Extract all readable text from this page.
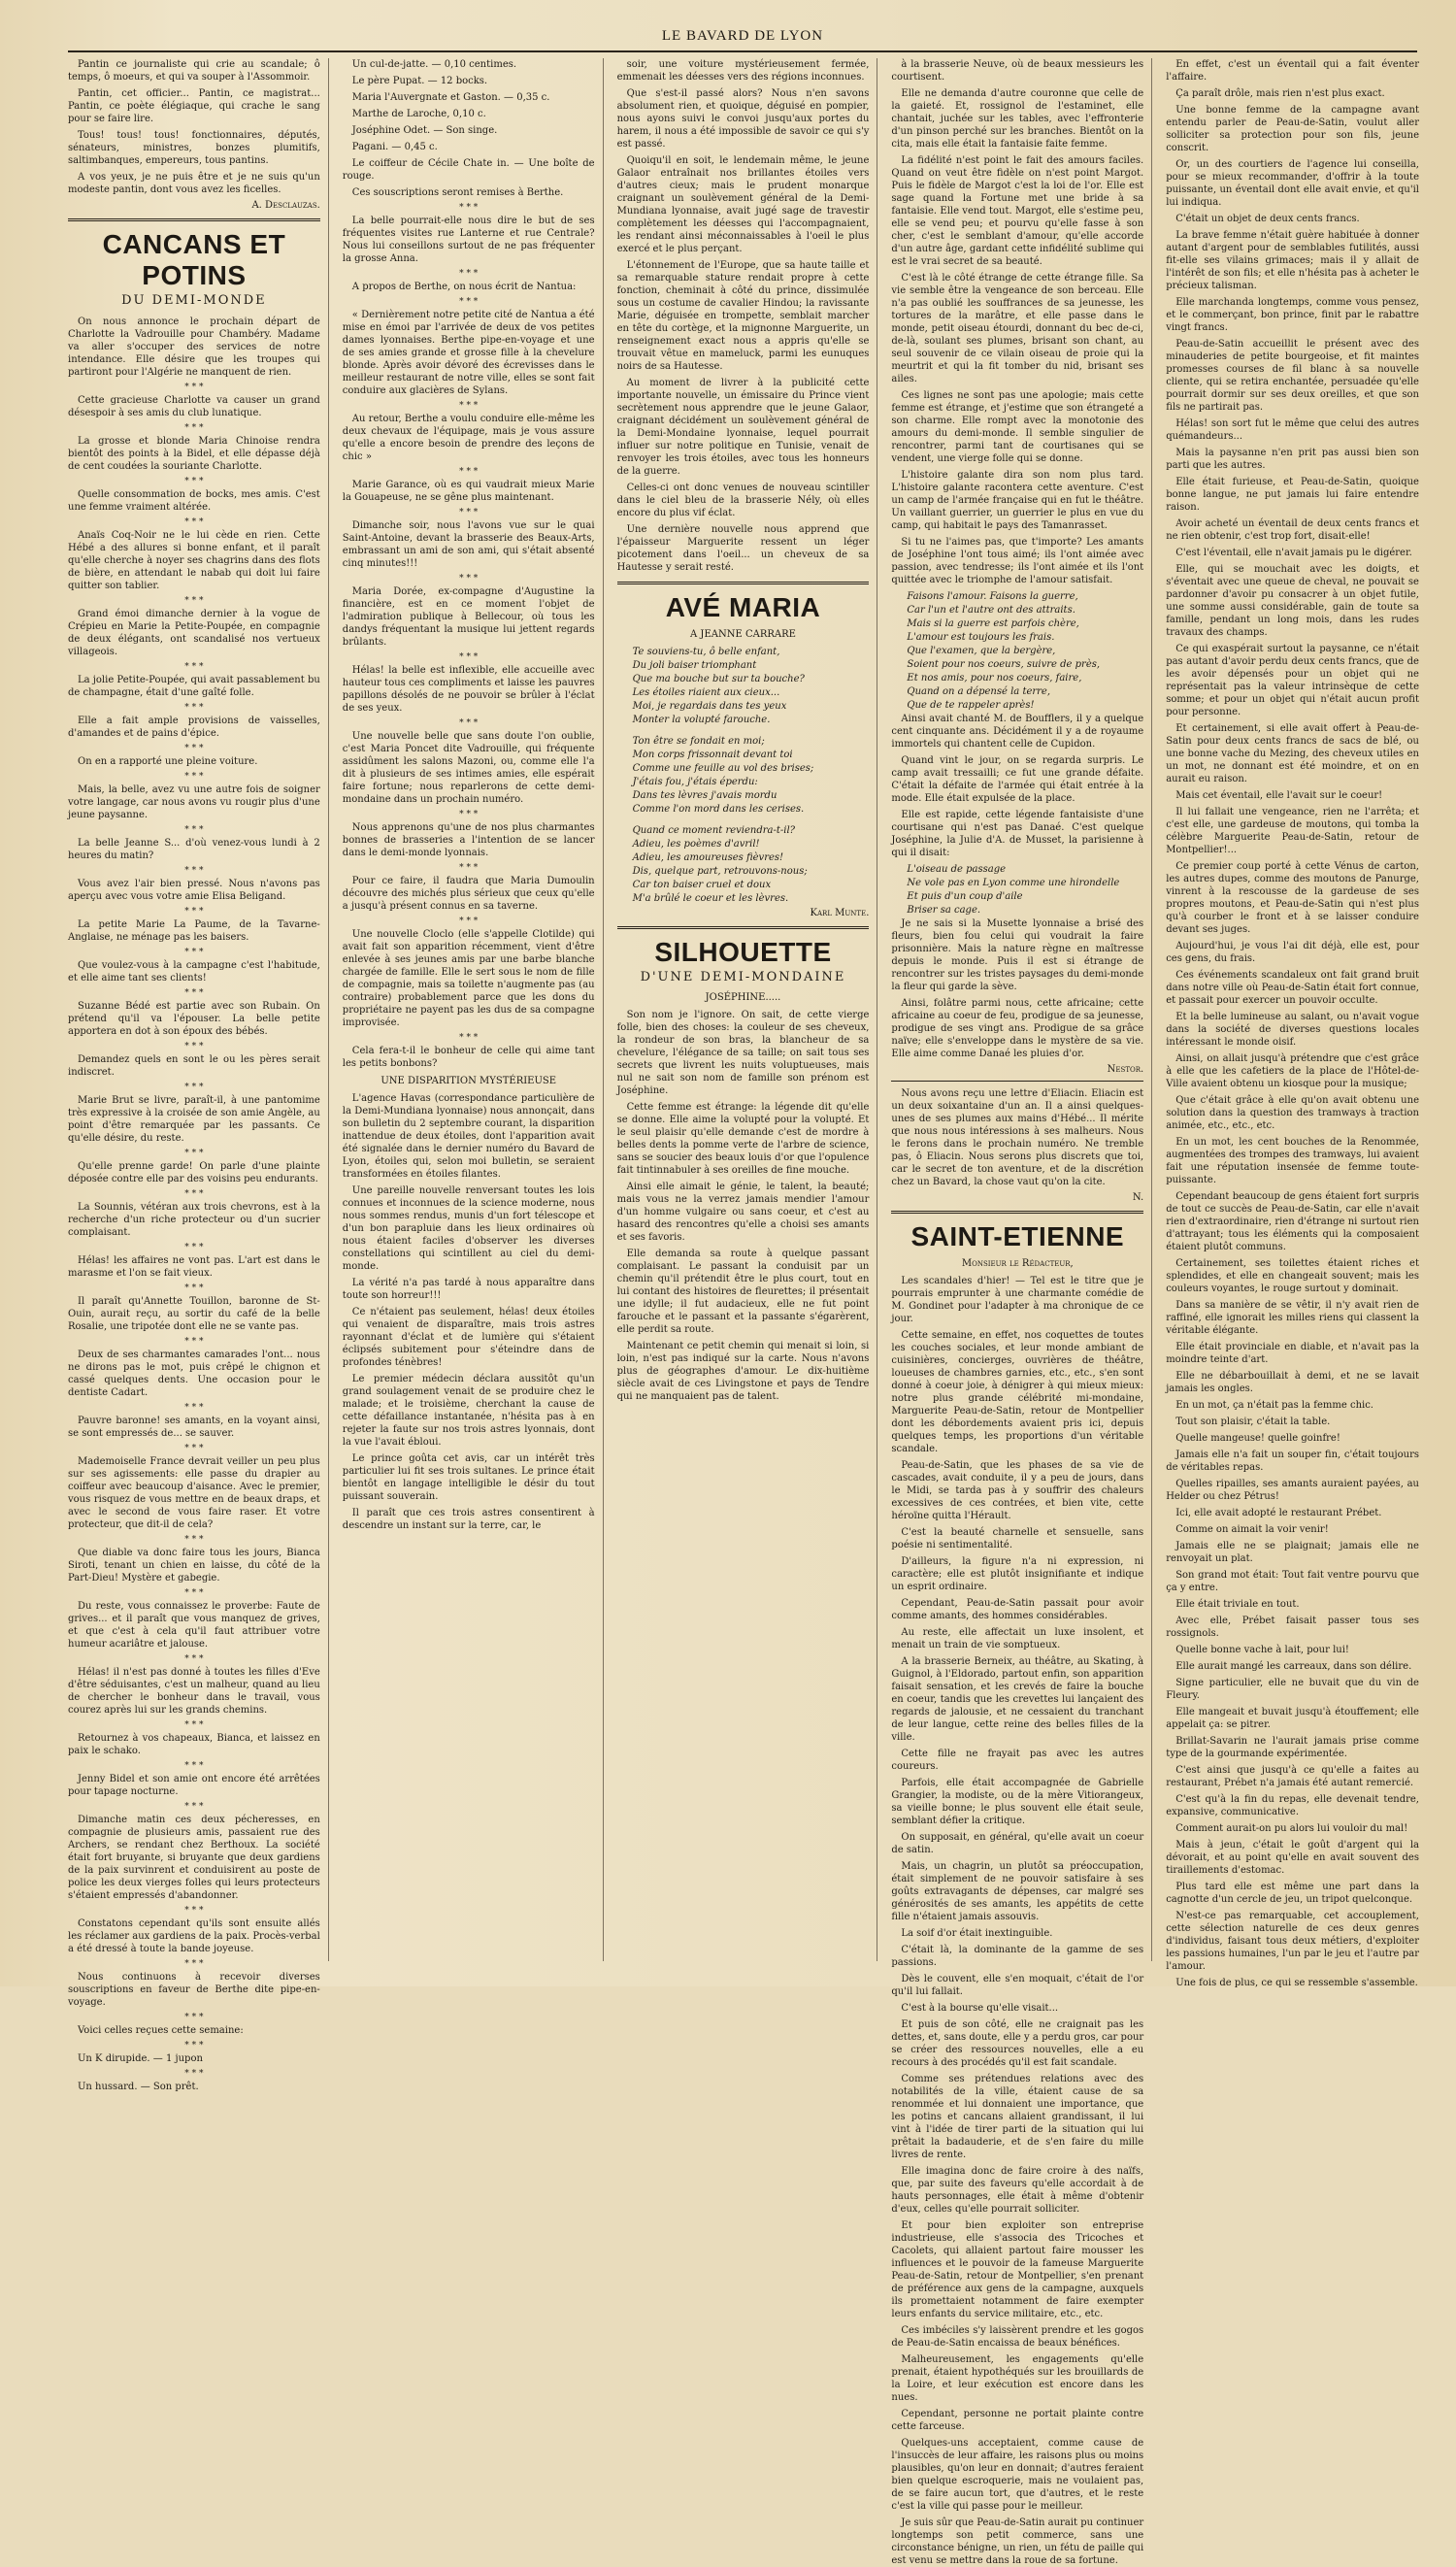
LE BAVARD DE LYON

Pantin ce journaliste qui crie au scandale; ô temps, ô moeurs, et qui va souper à l'Assommoir.

Pantin, cet officier... Pantin, ce magistrat... Pantin, ce poète élégiaque, qui crache le sang pour se faire lire.

Tous! tous! tous! fonctionnaires, députés, sénateurs, ministres, bonzes plumitifs, saltimbanques, empereurs, tous pantins.

A vos yeux, je ne puis être et je ne suis qu'un modeste pantin, dont vous avez les ficelles.

A. Desclauzas.
CANCANS ET POTINS
DU DEMI-MONDE

On nous annonce le prochain départ de Charlotte la Vadrouille pour Chambéry. Madame va aller s'occuper des services de notre intendance. Elle désire que les troupes qui partiront pour l'Algérie ne manquent de rien.

* * *

Cette gracieuse Charlotte va causer un grand désespoir à ses amis du club lunatique.

* * *

La grosse et blonde Maria Chinoise rendra bientôt des points à la Bidel, et elle dépasse déjà de cent coudées la souriante Charlotte.

* * *

Quelle consommation de bocks, mes amis. C'est une femme vraiment altérée.

* * *

Anaïs Coq-Noir ne le lui cède en rien. Cette Hébé a des allures si bonne enfant, et il paraît qu'elle cherche à noyer ses chagrins dans des flots de bière, en attendant le nabab qui doit lui faire quitter son tablier.

* * *

Grand émoi dimanche dernier à la vogue de Crépieu en Marie la Petite-Poupée, en compagnie de deux élégants, ont scandalisé nos vertueux villageois.

* * *

La jolie Petite-Poupée, qui avait passablement bu de champagne, était d'une gaîté folle.

* * *

Elle a fait ample provisions de vaisselles, d'amandes et de pains d'épice.

* * *

On en a rapporté une pleine voiture.

* * *

Mais, la belle, avez vu une autre fois de soigner votre langage, car nous avons vu rougir plus d'une jeune paysanne.

* * *

La belle Jeanne S... d'où venez-vous lundi à 2 heures du matin?

* * *

Vous avez l'air bien pressé. Nous n'avons pas aperçu avec vous votre amie Elisa Beligand.

* * *

La petite Marie La Paume, de la Tavarne-Anglaise, ne ménage pas les baisers.

* * *

Que voulez-vous à la campagne c'est l'habitude, et elle aime tant ses clients!

* * *

Suzanne Bédé est partie avec son Rubain. On prétend qu'il va l'épouser. La belle petite apportera en dot à son époux des bébés.

* * *

Demandez quels en sont le ou les pères serait indiscret.

* * *

Marie Brut se livre, paraît-il, à une pantomime très expressive à la croisée de son amie Angèle, au point d'être remarquée par les passants. Ce qu'elle désire, du reste.

* * *

Qu'elle prenne garde! On parle d'une plainte déposée contre elle par des voisins peu endurants.

* * *

La Sounnis, vétéran aux trois chevrons, est à la recherche d'un riche protecteur ou d'un sucrier complaisant.

* * *

Hélas! les affaires ne vont pas. L'art est dans le marasme et l'on se fait vieux.

* * *

Il paraît qu'Annette Touillon, baronne de St-Ouin, aurait reçu, au sortir du café de la belle Rosalie, une tripotée dont elle ne se vante pas.

* * *

Deux de ses charmantes camarades l'ont... nous ne dirons pas le mot, puis crêpé le chignon et cassé quelques dents. Une occasion pour le dentiste Cadart.

* * *

Pauvre baronne! ses amants, en la voyant ainsi, se sont empressés de... se sauver.

* * *

Mademoiselle France devrait veiller un peu plus sur ses agissements: elle passe du drapier au coiffeur avec beaucoup d'aisance. Avec le premier, vous risquez de vous mettre en de beaux draps, et avec le second de vous faire raser. Et votre protecteur, que dit-il de cela?

* * *

Que diable va donc faire tous les jours, Bianca Siroti, tenant un chien en laisse, du côté de la Part-Dieu! Mystère et gabegie.

* * *

Du reste, vous connaissez le proverbe: Faute de grives... et il paraît que vous manquez de grives, et que c'est à cela qu'il faut attribuer votre humeur acariâtre et jalouse.

* * *

Hélas! il n'est pas donné à toutes les filles d'Eve d'être séduisantes, c'est un malheur, quand au lieu de chercher le bonheur dans le travail, vous courez après lui sur les grands chemins.

* * *

Retournez à vos chapeaux, Bianca, et laissez en paix le schako.

* * *

Jenny Bidel et son amie ont encore été arrêtées pour tapage nocturne.

* * *

Dimanche matin ces deux pécheresses, en compagnie de plusieurs amis, passaient rue des Archers, se rendant chez Berthoux. La société était fort bruyante, si bruyante que deux gardiens de la paix survinrent et conduisirent au poste de police les deux vierges folles qui leurs protecteurs s'étaient empressés d'abandonner.

* * *

Constatons cependant qu'ils sont ensuite allés les réclamer aux gardiens de la paix. Procès-verbal a été dressé à toute la bande joyeuse.

* * *

Nous continuons à recevoir diverses souscriptions en faveur de Berthe dite pipe-en-voyage.

* * *

Voici celles reçues cette semaine:

* * *

Un K dirupide. — 1 jupon

* * *

Un hussard. — Son prêt.

Un cul-de-jatte. — 0,10 centimes.

Le père Pupat. — 12 bocks.

Maria l'Auvergnate et Gaston. — 0,35 c.

Marthe de Laroche, 0,10 c.

Joséphine Odet. — Son singe.

Pagani. — 0,45 c.

Le coiffeur de Cécile Chate in. — Une boîte de rouge.

Ces souscriptions seront remises à Berthe.

* * *

La belle pourrait-elle nous dire le but de ses fréquentes visites rue Lanterne et rue Centrale? Nous lui conseillons surtout de ne pas fréquenter la grosse Anna.

* * *

A propos de Berthe, on nous écrit de Nantua:

* * *

« Dernièrement notre petite cité de Nantua a été mise en émoi par l'arrivée de deux de vos petites dames lyonnaises. Berthe pipe-en-voyage et une de ses amies grande et grosse fille à la chevelure blonde. Après avoir dévoré des écrevisses dans le meilleur restaurant de notre ville, elles se sont fait conduire aux glacières de Sylans.

* * *

Au retour, Berthe a voulu conduire elle-même les deux chevaux de l'équipage, mais je vous assure qu'elle a encore besoin de prendre des leçons de chic »

* * *

Marie Garance, où es qui vaudrait mieux Marie la Gouapeuse, ne se gêne plus maintenant.

* * *

Dimanche soir, nous l'avons vue sur le quai Saint-Antoine, devant la brasserie des Beaux-Arts, embrassant un ami de son ami, qui s'était absenté cinq minutes!!!

* * *

Maria Dorée, ex-compagne d'Augustine la financière, est en ce moment l'objet de l'admiration publique à Bellecour, où tous les dandys fréquentant la musique lui jettent regards brûlants.

* * *

Hélas! la belle est inflexible, elle accueille avec hauteur tous ces compliments et laisse les pauvres papillons désolés de ne pouvoir se brûler à l'éclat de ses yeux.

* * *

Une nouvelle belle que sans doute l'on oublie, c'est Maria Poncet dite Vadrouille, qui fréquente assidûment les salons Mazoni, ou, comme elle l'a dit à plusieurs de ses intimes amies, elle espérait faire fortune; nous reparlerons de cette demi-mondaine dans un prochain numéro.

* * *

Nous apprenons qu'une de nos plus charmantes bonnes de brasseries a l'intention de se lancer dans le demi-monde lyonnais.

* * *

Pour ce faire, il faudra que Maria Dumoulin découvre des michés plus sérieux que ceux qu'elle a jusqu'à présent connus en sa taverne.

* * *

Une nouvelle Cloclo (elle s'appelle Clotilde) qui avait fait son apparition récemment, vient d'être enlevée à ses jeunes amis par une barbe blanche chargée de famille. Elle le sert sous le nom de fille de compagnie, mais sa toilette n'augmente pas (au contraire) probablement parce que les dons du propriétaire ne payent pas les dus de sa compagne improvisée.

* * *

Cela fera-t-il le bonheur de celle qui aime tant les petits bonbons?

UNE DISPARITION MYSTÉRIEUSE

L'agence Havas (correspondance particulière de la Demi-Mundiana lyonnaise) nous annonçait, dans son bulletin du 2 septembre courant, la disparition inattendue de deux étoiles, dont l'apparition avait été signalée dans le dernier numéro du Bavard de Lyon, étoiles qui, selon moi bulletin, se seraient transformées en étoiles filantes.

Une pareille nouvelle renversant toutes les lois connues et inconnues de la science moderne, nous nous sommes rendus, munis d'un fort télescope et d'un bon parapluie dans les lieux ordinaires où nous étaient faciles d'observer les diverses constellations qui scintillent au ciel du demi-monde.

La vérité n'a pas tardé à nous apparaître dans toute son horreur!!!

Ce n'étaient pas seulement, hélas! deux étoiles qui venaient de disparaître, mais trois astres rayonnant d'éclat et de lumière qui s'étaient éclipsés subitement pour s'éteindre dans de profondes ténèbres!

Le premier médecin déclara aussitôt qu'un grand soulagement venait de se produire chez le malade; et le troisième, cherchant la cause de cette défaillance instantanée, n'hésita pas à en rejeter la faute sur nos trois astres lyonnais, dont la vue l'avait ébloui.

Le prince goûta cet avis, car un intérêt très particulier lui fit ses trois sultanes. Le prince était bientôt en langage intelligible le désir du tout puissant souverain.

Il paraît que ces trois astres consentirent à descendre un instant sur la terre, car, le

soir, une voiture mystérieusement fermée, emmenait les déesses vers des régions inconnues.

Que s'est-il passé alors? Nous n'en savons absolument rien, et quoique, déguisé en pompier, nous ayons suivi le convoi jusqu'aux portes du harem, il nous a été impossible de savoir ce qui s'y est passé.

Quoiqu'il en soit, le lendemain même, le jeune Galaor entraînait nos brillantes étoiles vers d'autres cieux; mais le prudent monarque craignant un soulèvement général de la Demi-Mundiana lyonnaise, avait jugé sage de travestir complètement les déesses qui l'accompagnaient, les rendant ainsi méconnaissables à l'oeil le plus exercé et le plus perçant.

L'étonnement de l'Europe, que sa haute taille et sa remarquable stature rendait propre à cette fonction, cheminait à côté du prince, dissimulée sous un costume de cavalier Hindou; la ravissante Marie, déguisée en trompette, semblait marcher en tête du cortège, et la mignonne Marguerite, un renseignement exact nous a appris qu'elle se trouvait vêtue en mameluck, parmi les eunuques noirs de sa Hautesse.

Au moment de livrer à la publicité cette importante nouvelle, un émissaire du Prince vient secrètement nous apprendre que le jeune Galaor, craignant décidément un soulèvement général de la Demi-Mondaine lyonnaise, lequel pourrait influer sur notre politique en Tunisie, venait de renvoyer les trois étoiles, avec tous les honneurs de la guerre.

Celles-ci ont donc venues de nouveau scintiller dans le ciel bleu de la brasserie Nély, où elles encore du plus vif éclat.

Une dernière nouvelle nous apprend que l'épaisseur Marguerite ressent un léger picotement dans l'oeil... un cheveux de sa Hautesse y serait resté.

AVÉ MARIA
A JEANNE CARRARE
Te souviens-tu, ô belle enfant,
Du joli baiser triomphant
Que ma bouche but sur ta bouche?
Les étoiles riaient aux cieux...
Moi, je regardais dans tes yeux
Monter la volupté farouche.
Ton être se fondait en moi;
Mon corps frissonnait devant toi
Comme une feuille au vol des brises;
J'étais fou, j'étais éperdu:
Dans tes lèvres j'avais mordu
Comme l'on mord dans les cerises.
Quand ce moment reviendra-t-il?
Adieu, les poèmes d'avril!
Adieu, les amoureuses fièvres!
Dis, quelque part, retrouvons-nous;
Car ton baiser cruel et doux
M'a brûlé le coeur et les lèvres.
Karl Munte.
SILHOUETTE
D'UNE DEMI-MONDAINE
JOSÉPHINE.....

Son nom je l'ignore. On sait, de cette vierge folle, bien des choses: la couleur de ses cheveux, la rondeur de son bras, la blancheur de sa chevelure, l'élégance de sa taille; on sait tous ses secrets que livrent les nuits voluptueuses, mais nul ne sait son nom de famille son prénom est Joséphine.

Cette femme est étrange: la légende dit qu'elle se donne. Elle aime la volupté pour la volupté. Et le seul plaisir qu'elle demande c'est de mordre à belles dents la pomme verte de l'arbre de science, sans se soucier des beaux louis d'or que l'opulence fait tintinnabuler à ses oreilles de fine mouche.

Ainsi elle aimait le génie, le talent, la beauté; mais vous ne la verrez jamais mendier l'amour d'un homme vulgaire ou sans coeur, et c'est au hasard des rencontres qu'elle a choisi ses amants et ses favoris.

Elle demanda sa route à quelque passant complaisant. Le passant la conduisit par un chemin qu'il prétendit être le plus court, tout en lui contant des histoires de fleurettes; il présentait une idylle; il fut audacieux, elle ne fut point farouche et le passant et la passante s'égarèrent, elle perdit sa route.

Maintenant ce petit chemin qui menait si loin, si loin, n'est pas indiqué sur la carte. Nous n'avons plus de géographes d'amour. Le dix-huitième siècle avait de ces Livingstone et pays de Tendre qui ne manquaient pas de talent.

à la brasserie Neuve, où de beaux messieurs les courtisent.

Elle ne demanda d'autre couronne que celle de la gaieté. Et, rossignol de l'estaminet, elle chantait, juchée sur les tables, avec l'effronterie d'un pinson perché sur les branches. Bientôt on la cita, mais elle était la fantaisie faite femme.

La fidélité n'est point le fait des amours faciles. Quand on veut être fidèle on n'est point Margot. Puis le fidèle de Margot c'est la loi de l'or. Elle est sage quand la Fortune met une bride à sa fantaisie. Elle vend tout. Margot, elle s'estime peu, elle se vend peu; et pourvu qu'elle fasse à son cher, c'est le semblant d'amour, qu'elle accorde d'un autre âge, gardant cette infidélité sublime qui est le vrai secret de sa beauté.

C'est là le côté étrange de cette étrange fille. Sa vie semble être la vengeance de son berceau. Elle n'a pas oublié les souffrances de sa jeunesse, les tortures de la marâtre, et elle passe dans le monde, petit oiseau étourdi, donnant du bec de-ci, de-là, soulant ses plumes, brisant son chant, au seul souvenir de ce vilain oiseau de proie qui la meurtrit et qui la fit tomber du nid, brisant ses ailes.

Ces lignes ne sont pas une apologie; mais cette femme est étrange, et j'estime que son étrangeté a son charme. Elle rompt avec la monotonie des amours du demi-monde. Il semble singulier de rencontrer, parmi tant de courtisanes qui se vendent, une vierge folle qui se donne.

L'histoire galante dira son nom plus tard. L'histoire galante racontera cette aventure. C'est un camp de l'armée française qui en fut le théâtre. Un vaillant guerrier, un guerrier le plus en vue du camp, qui habitait le pays des Tamanrasset.

Si tu ne l'aimes pas, que t'importe? Les amants de Joséphine l'ont tous aimé; ils l'ont aimée avec passion, avec tendresse; ils l'ont aimée et ils l'ont quittée avec le triomphe de l'amour satisfait.

Faisons l'amour. Faisons la guerre,
Car l'un et l'autre ont des attraits.
Mais si la guerre est parfois chère,
L'amour est toujours les frais.
Que l'examen, que la bergère,
Soient pour nos coeurs, suivre de près,
Et nos amis, pour nos coeurs, faire,
Quand on a dépensé la terre,
Que de te rappeler après!

Ainsi avait chanté M. de Boufflers, il y a quelque cent cinquante ans. Décidément il y a de royaume immortels qui chantent celle de Cupidon.

Quand vint le jour, on se regarda surpris. Le camp avait tressailli; ce fut une grande défaite. C'était la défaite de l'armée qui était entrée à la mode. Elle était expulsée de la place.

Elle est rapide, cette légende fantaisiste d'une courtisane qui n'est pas Danaé. C'est quelque Joséphine, la Julie d'A. de Musset, la parisienne à qui il disait:

L'oiseau de passage
Ne vole pas en Lyon comme une hirondelle
Et puis d'un coup d'aile
Briser sa cage.

Je ne sais si la Musette lyonnaise a brisé des fleurs, bien fou celui qui voudrait la faire prisonnière. Mais la nature règne en maîtresse depuis le monde. Puis il est si étrange de rencontrer sur les tristes paysages du demi-monde la fleur qui garde la sève.

Ainsi, folâtre parmi nous, cette africaine; cette africaine au coeur de feu, prodigue de sa jeunesse, prodigue de ses vingt ans. Prodigue de sa grâce naïve; elle s'enveloppe dans le mystère de sa vie. Elle aime comme Danaé les pluies d'or.

Nestor.

Nous avons reçu une lettre d'Eliacin. Eliacin est un deux soixantaine d'un an. Il a ainsi quelques-unes de ses plumes aux mains d'Hébé... Il mérite que nous nous intéressions à ses malheurs. Nous le ferons dans le prochain numéro. Ne tremble pas, ô Eliacin. Nous serons plus discrets que toi, car le secret de ton aventure, et de la discrétion chez un Bavard, la chose vaut qu'on la cite.

N.
SAINT-ETIENNE
Monsieur le Rédacteur,

Les scandales d'hier! — Tel est le titre que je pourrais emprunter à une charmante comédie de M. Gondinet pour l'adapter à ma chronique de ce jour.

Cette semaine, en effet, nos coquettes de toutes les couches sociales, et leur monde ambiant de cuisinières, concierges, ouvrières de théâtre, loueuses de chambres garnies, etc., etc., s'en sont donné à coeur joie, à dénigrer à qui mieux mieux: notre plus grande célébrité mi-mondaine, Marguerite Peau-de-Satin, retour de Montpellier dont les débordements avaient pris ici, depuis quelques temps, les proportions d'un véritable scandale.

Peau-de-Satin, que les phases de sa vie de cascades, avait conduite, il y a peu de jours, dans le Midi, se tarda pas à y souffrir des chaleurs excessives de ces contrées, et bien vite, cette héroïne quitta l'Hérault.

C'est la beauté charnelle et sensuelle, sans poésie ni sentimentalité.

D'ailleurs, la figure n'a ni expression, ni caractère; elle est plutôt insignifiante et indique un esprit ordinaire.

Cependant, Peau-de-Satin passait pour avoir comme amants, des hommes considérables.

Au reste, elle affectait un luxe insolent, et menait un train de vie somptueux.

A la brasserie Berneix, au théâtre, au Skating, à Guignol, à l'Eldorado, partout enfin, son apparition faisait sensation, et les crevés de faire la bouche en coeur, tandis que les crevettes lui lançaient des regards de jalousie, et ne cessaient du tranchant de leur langue, cette reine des belles filles de la ville.

Cette fille ne frayait pas avec les autres coureurs.

Parfois, elle était accompagnée de Gabrielle Grangier, la modiste, ou de la mère Vitiorangeux, sa vieille bonne; le plus souvent elle était seule, semblant défier la critique.

On supposait, en général, qu'elle avait un coeur de satin.

Mais, un chagrin, un plutôt sa préoccupation, était simplement de ne pouvoir satisfaire à ses goûts extravagants de dépenses, car malgré ses générosités de ses amants, les appétits de cette fille n'étaient jamais assouvis.

La soif d'or était inextinguible.

C'était là, la dominante de la gamme de ses passions.

Dès le couvent, elle s'en moquait, c'était de l'or qu'il lui fallait.

C'est à la bourse qu'elle visait...

Et puis de son côté, elle ne craignait pas les dettes, et, sans doute, elle y a perdu gros, car pour se créer des ressources nouvelles, elle a eu recours à des procédés qu'il est fait scandale.

Comme ses prétendues relations avec des notabilités de la ville, étaient cause de sa renommée et lui donnaient une importance, que les potins et cancans allaient grandissant, il lui vint à l'idée de tirer parti de la situation qui lui prêtait la badauderie, et de s'en faire du mille livres de rente.

Elle imagina donc de faire croire à des naïfs, que, par suite des faveurs qu'elle accordait à de hauts personnages, elle était à même d'obtenir d'eux, celles qu'elle pourrait solliciter.

Et pour bien exploiter son entreprise industrieuse, elle s'associa des Tricoches et Cacolets, qui allaient partout faire mousser les influences et le pouvoir de la fameuse Marguerite Peau-de-Satin, retour de Montpellier, s'en prenant de préférence aux gens de la campagne, auxquels ils promettaient notamment de faire exempter leurs enfants du service militaire, etc., etc.

Ces imbéciles s'y laissèrent prendre et les gogos de Peau-de-Satin encaissa de beaux bénéfices.

Malheureusement, les engagements qu'elle prenait, étaient hypothéqués sur les brouillards de la Loire, et leur exécution est encore dans les nues.

Cependant, personne ne portait plainte contre cette farceuse.

Quelques-uns acceptaient, comme cause de l'insuccès de leur affaire, les raisons plus ou moins plausibles, qu'on leur en donnait; d'autres feraient bien quelque escroquerie, mais ne voulaient pas, de se faire aucun tort, que d'autres, et le reste c'est la ville qui passe pour le meilleur.

Je suis sûr que Peau-de-Satin aurait pu continuer longtemps son petit commerce, sans une circonstance bénigne, un rien, un fétu de paille qui est venu se mettre dans la roue de sa fortune.

En effet, c'est un éventail qui a fait éventer l'affaire.

Ça paraît drôle, mais rien n'est plus exact.

Une bonne femme de la campagne avant entendu parler de Peau-de-Satin, voulut aller solliciter sa protection pour son fils, jeune conscrit.

Or, un des courtiers de l'agence lui conseilla, pour se mieux recommander, d'offrir à la toute puissante, un éventail dont elle avait envie, et qu'il lui indiqua.

C'était un objet de deux cents francs.

La brave femme n'était guère habituée à donner autant d'argent pour de semblables futilités, aussi fit-elle ses vilains grimaces; mais il y allait de l'intérêt de son fils; et elle n'hésita pas à acheter le précieux talisman.

Elle marchanda longtemps, comme vous pensez, et le commerçant, bon prince, finit par le rabattre vingt francs.

Peau-de-Satin accueillit le présent avec des minauderies de petite bourgeoise, et fit maintes promesses courses de fil blanc à sa nouvelle cliente, qui se retira enchantée, persuadée qu'elle pourrait dormir sur ses deux oreilles, et que son fils ne partirait pas.

Hélas! son sort fut le même que celui des autres quémandeurs...

Mais la paysanne n'en prit pas aussi bien son parti que les autres.

Elle était furieuse, et Peau-de-Satin, quoique bonne langue, ne put jamais lui faire entendre raison.

Avoir acheté un éventail de deux cents francs et ne rien obtenir, c'est trop fort, disait-elle!

C'est l'éventail, elle n'avait jamais pu le digérer.

Elle, qui se mouchait avec les doigts, et s'éventait avec une queue de cheval, ne pouvait se pardonner d'avoir pu consacrer à un objet futile, une somme aussi considérable, gain de toute sa famille, pendant un long mois, dans les rudes travaux des champs.

Ce qui exaspérait surtout la paysanne, ce n'était pas autant d'avoir perdu deux cents francs, que de les avoir dépensés pour un objet qui ne représentait pas la valeur intrinsèque de cette somme; et pour un objet qui n'était aucun profit pour personne.

Et certainement, si elle avait offert à Peau-de-Satin pour deux cents francs de sacs de blé, ou une bonne vache du Mezing, des cheveux utiles en un mot, ne donnant est été moindre, et on en aurait eu raison.

Mais cet éventail, elle l'avait sur le coeur!

Il lui fallait une vengeance, rien ne l'arrêta; et c'est elle, une gardeuse de moutons, qui tomba la célèbre Marguerite Peau-de-Satin, retour de Montpellier!...

Ce premier coup porté à cette Vénus de carton, les autres dupes, comme des moutons de Panurge, vinrent à la rescousse de la gardeuse de ses propres moutons, et Peau-de-Satin qui n'est plus qu'à courber le front et à se laisser conduire devant ses juges.

Aujourd'hui, je vous l'ai dit déjà, elle est, pour ces gens, du frais.

Ces événements scandaleux ont fait grand bruit dans notre ville où Peau-de-Satin était fort connue, et passait pour exercer un pouvoir occulte.

Et la belle lumineuse au salant, ou n'avait vogue dans la société de diverses questions locales intéressant le monde oisif.

Ainsi, on allait jusqu'à prétendre que c'est grâce à elle que les cafetiers de la place de l'Hôtel-de-Ville avaient obtenu un kiosque pour la musique;

Que c'était grâce à elle qu'on avait obtenu une solution dans la question des tramways à traction animée, etc., etc., etc.

En un mot, les cent bouches de la Renommée, augmentées des trompes des tramways, lui avaient fait une réputation insensée de femme toute-puissante.

Cependant beaucoup de gens étaient fort surpris de tout ce succès de Peau-de-Satin, car elle n'avait rien d'extraordinaire, rien d'étrange ni surtout rien d'attrayant; tous les éléments qui la composaient étaient plutôt communs.

Certainement, ses toilettes étaient riches et splendides, et elle en changeait souvent; mais les couleurs voyantes, le rouge surtout y dominait.

Dans sa manière de se vêtir, il n'y avait rien de raffiné, elle ignorait les milles riens qui classent la véritable élégante.

Elle était provinciale en diable, et n'avait pas la moindre teinte d'art.

Elle ne débarbouillait à demi, et ne se lavait jamais les ongles.

En un mot, ça n'était pas la femme chic.

Tout son plaisir, c'était la table.

Quelle mangeuse! quelle goinfre!

Jamais elle n'a fait un souper fin, c'était toujours de véritables repas.

Quelles ripailles, ses amants auraient payées, au Helder ou chez Pétrus!

Ici, elle avait adopté le restaurant Prébet.

Comme on aimait la voir venir!

Jamais elle ne se plaignait; jamais elle ne renvoyait un plat.

Son grand mot était: Tout fait ventre pourvu que ça y entre.

Elle était triviale en tout.

Avec elle, Prébet faisait passer tous ses rossignols.

Quelle bonne vache à lait, pour lui!

Elle aurait mangé les carreaux, dans son délire.

Signe particulier, elle ne buvait que du vin de Fleury.

Elle mangeait et buvait jusqu'à étouffement; elle appelait ça: se pitrer.

Brillat-Savarin ne l'aurait jamais prise comme type de la gourmande expérimentée.

C'est ainsi que jusqu'à ce qu'elle a faites au restaurant, Prébet n'a jamais été autant remercié.

C'est qu'à la fin du repas, elle devenait tendre, expansive, communicative.

Comment aurait-on pu alors lui vouloir du mal!

Mais à jeun, c'était le goût d'argent qui la dévorait, et au point qu'elle en avait souvent des tiraillements d'estomac.

Plus tard elle est même une part dans la cagnotte d'un cercle de jeu, un tripot quelconque.

N'est-ce pas remarquable, cet accouplement, cette sélection naturelle de ces deux genres d'individus, faisant tous deux métiers, d'exploiter les passions humaines, l'un par le jeu et l'autre par l'amour.

Une fois de plus, ce qui se ressemble s'assemble.
